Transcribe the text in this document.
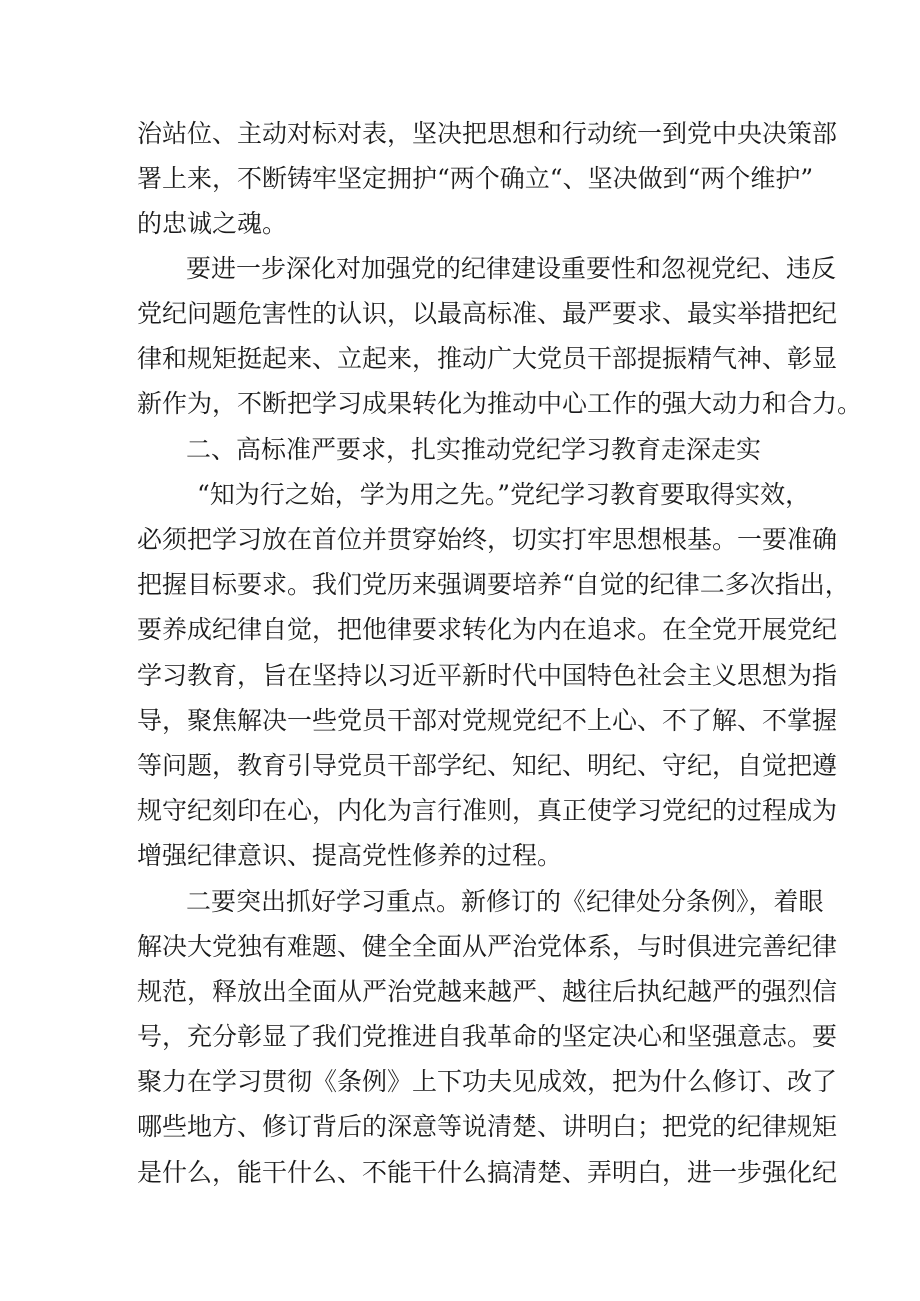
治站位、主动对标对表，坚决把思想和行动统一到党中央决策部

署上来，不断铸牢坚定拥护“两个确立“、坚决做到“两个维护”

的忠诚之魂。

要进一步深化对加强党的纪律建设重要性和忽视党纪、违反

党纪问题危害性的认识，以最高标准、最严要求、最实举措把纪

律和规矩挺起来、立起来，推动广大党员干部提振精气神、彰显

新作为，不断把学习成果转化为推动中心工作的强大动力和合力。

二、高标准严要求，扎实推动党纪学习教育走深走实

“知为行之始，学为用之先。”党纪学习教育要取得实效，

必须把学习放在首位并贯穿始终，切实打牢思想根基。一要准确

把握目标要求。我们党历来强调要培养“自觉的纪律二多次指出，

要养成纪律自觉，把他律要求转化为内在追求。在全党开展党纪

学习教育，旨在坚持以习近平新时代中国特色社会主义思想为指

导，聚焦解决一些党员干部对党规党纪不上心、不了解、不掌握

等问题，教育引导党员干部学纪、知纪、明纪、守纪，自觉把遵

规守纪刻印在心，内化为言行准则，真正使学习党纪的过程成为

增强纪律意识、提高党性修养的过程。

二要突出抓好学习重点。新修订的《纪律处分条例》，着眼

解决大党独有难题、健全全面从严治党体系，与时俱进完善纪律

规范，释放出全面从严治党越来越严、越往后执纪越严的强烈信

号，充分彰显了我们党推进自我革命的坚定决心和坚强意志。要

聚力在学习贯彻《条例》上下功夫见成效，把为什么修订、改了

哪些地方、修订背后的深意等说清楚、讲明白；把党的纪律规矩

是什么，能干什么、不能干什么搞清楚、弄明白，进一步强化纪
